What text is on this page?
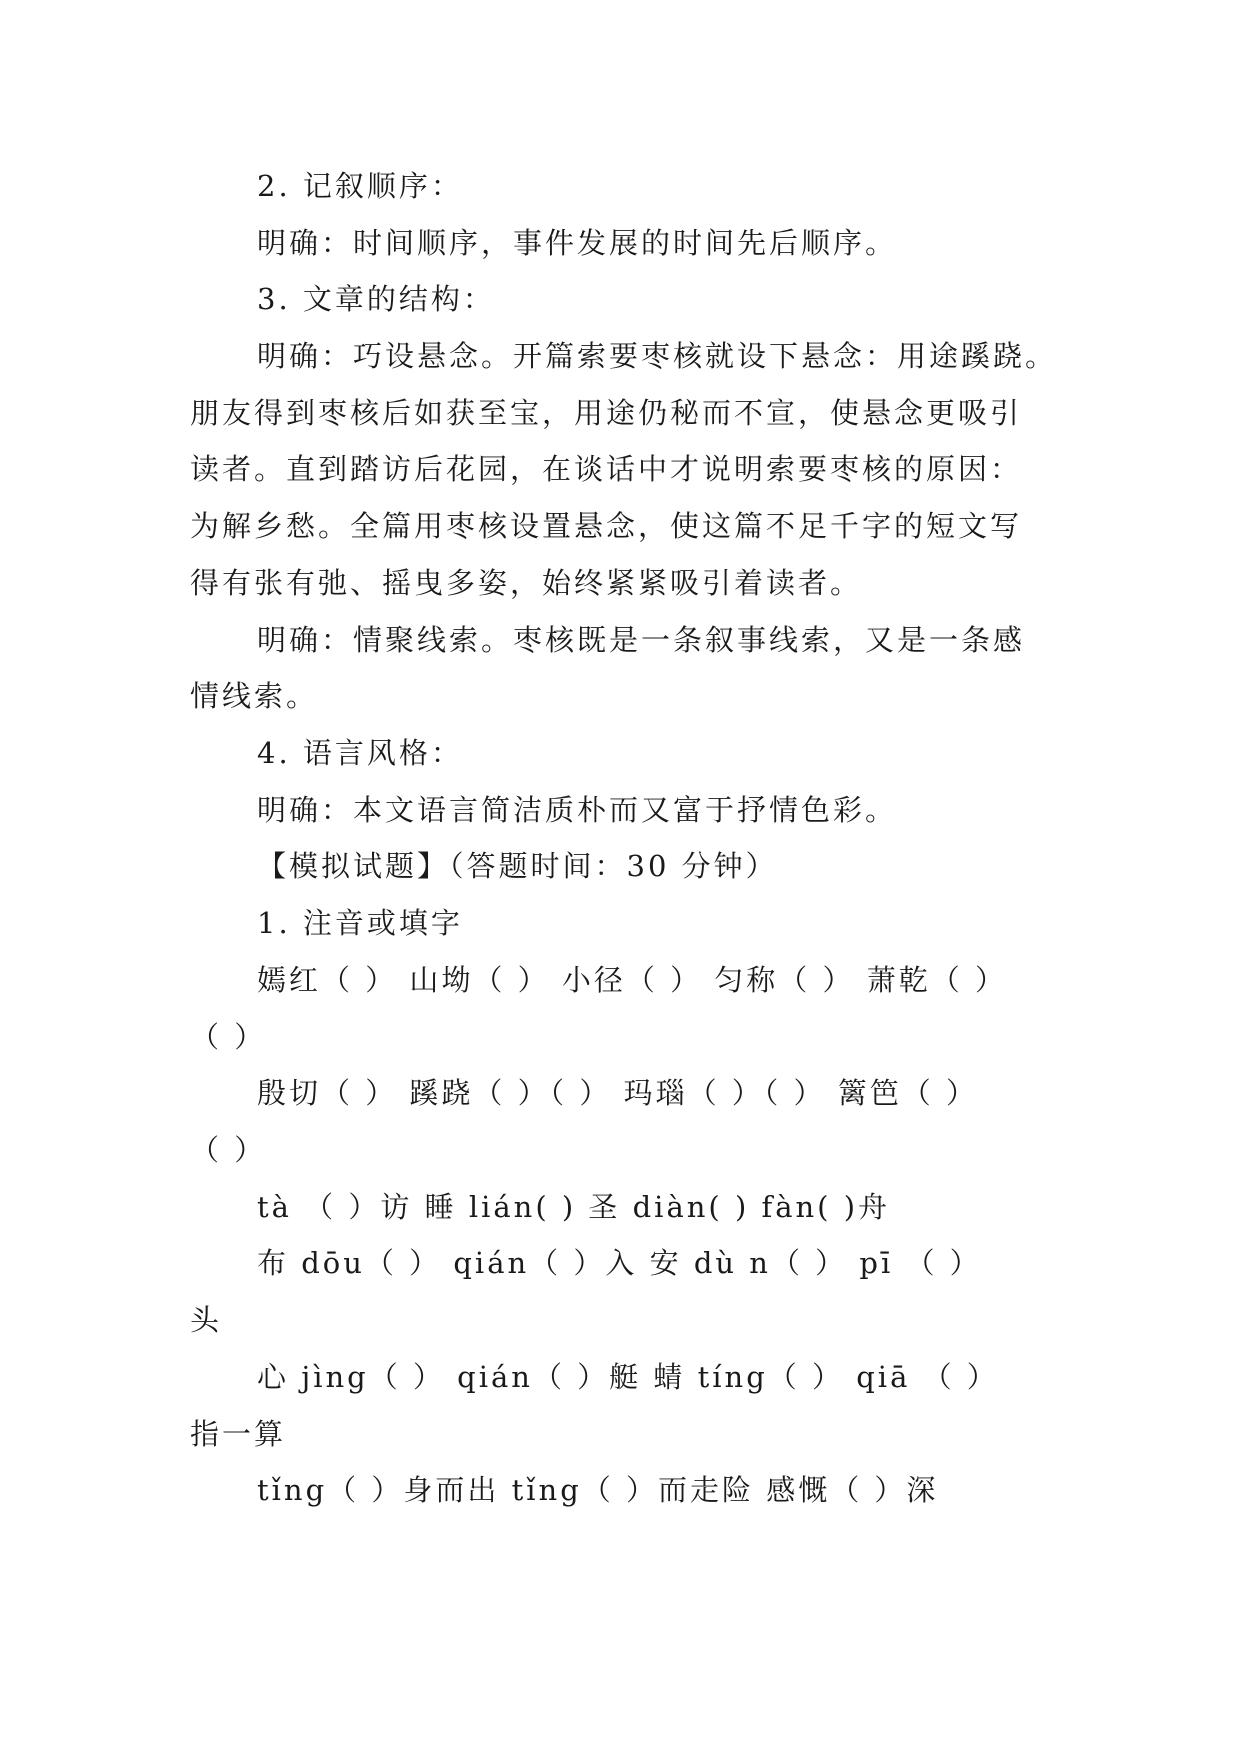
2. 记叙顺序：
明确：时间顺序，事件发展的时间先后顺序。
3. 文章的结构：
明确：巧设悬念。开篇索要枣核就设下悬念：用途蹊跷。
朋友得到枣核后如获至宝，用途仍秘而不宣，使悬念更吸引
读者。直到踏访后花园，在谈话中才说明索要枣核的原因：
为解乡愁。全篇用枣核设置悬念，使这篇不足千字的短文写
得有张有弛、摇曳多姿，始终紧紧吸引着读者。
明确：情聚线索。枣核既是一条叙事线索，又是一条感
情线索。
4. 语言风格：
明确：本文语言简洁质朴而又富于抒情色彩。
【模拟试题】（答题时间：30 分钟）
1. 注音或填字
嫣红（ ） 山坳（ ） 小径（ ） 匀称（ ） 萧乾（ ）
（ ）
殷切（ ） 蹊跷（ ）（ ） 玛瑙（ ）（ ） 篱笆（ ）
（ ）
tà （ ）访 睡 lián( ) 圣 diàn( ) fàn( )舟
布 dōu（ ） qián（ ）入 安 dù n（ ） pī （ ）
头
心 jìng（ ） qián（ ）艇 蜻 tíng（ ） qiā （ ）
指一算
tǐng（ ）身而出 tǐng（ ）而走险 感慨（ ）深
